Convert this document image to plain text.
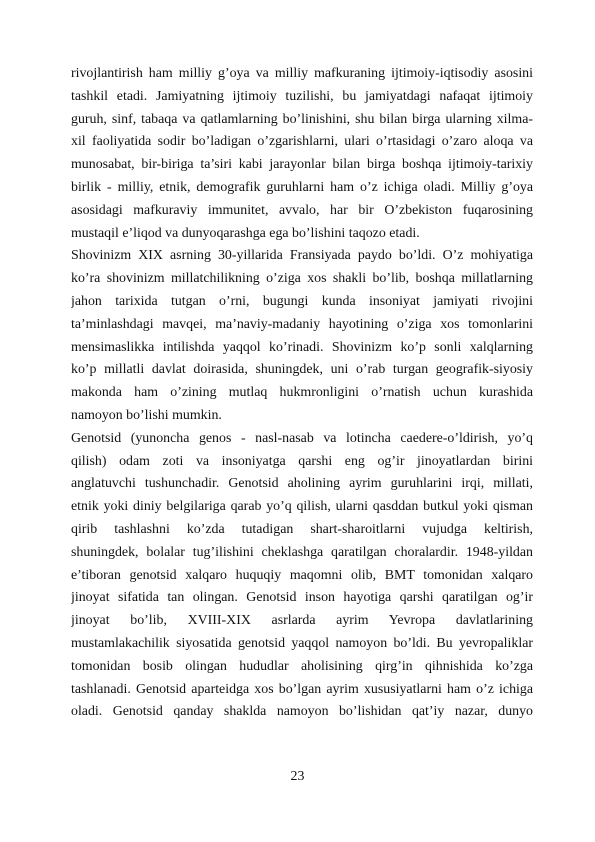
rivojlantirish ham milliy g’oya va milliy mafkuraning ijtimoiy-iqtisodiy asosini
tashkil etadi. Jamiyatning ijtimoiy tuzilishi, bu jamiyatdagi nafaqat ijtimoiy
guruh, sinf, tabaqa va qatlamlarning bo’linishini, shu bilan birga ularning xilma-
xil faoliyatida sodir bo’ladigan o’zgarishlarni, ulari o’rtasidagi o’zaro aloqa va
munosabat, bir-biriga ta’siri kabi jarayonlar bilan birga boshqa ijtimoiy-tarixiy
birlik - milliy, etnik, demografik guruhlarni ham o’z ichiga oladi. Milliy g’oya
asosidagi mafkuraviy immunitet, avvalo, har bir O’zbekiston fuqarosining
mustaqil e’liqod va dunyoqarashga ega bo’lishini taqozo etadi.
Shovinizm XIX asrning 30-yillarida Fransiyada paydo bo’ldi. O’z mohiyatiga
ko’ra shovinizm millatchilikning o’ziga xos shakli bo’lib, boshqa millatlarning
jahon tarixida tutgan o’rni, bugungi kunda insoniyat jamiyati rivojini
ta’minlashdagi mavqei, ma’naviy-madaniy hayotining o’ziga xos tomonlarini
mensimaslikka intilishda yaqqol ko’rinadi. Shovinizm ko’p sonli xalqlarning
ko’p millatli davlat doirasida, shuningdek, uni o’rab turgan geografik-siyosiy
makonda ham o’zining mutlaq hukmronligini o’rnatish uchun kurashida
namoyon bo’lishi mumkin.
Genotsid (yunoncha genos - nasl-nasab va lotincha caedere-o’ldirish, yo’q
qilish) odam zoti va insoniyatga qarshi eng og’ir jinoyatlardan birini
anglatuvchi tushunchadir. Genotsid aholining ayrim guruhlarini irqi, millati,
etnik yoki diniy belgilariga qarab yo’q qilish, ularni qasddan butkul yoki qisman
qirib tashlashni ko’zda tutadigan shart-sharoitlarni vujudga keltirish,
shuningdek, bolalar tug’ilishini cheklashga qaratilgan choralardir. 1948-yildan
e’tiboran genotsid xalqaro huquqiy maqomni olib, BMT tomonidan xalqaro
jinoyat sifatida tan olingan. Genotsid inson hayotiga qarshi qaratilgan og’ir
jinoyat bo’lib, XVIII-XIX asrlarda ayrim Yevropa davlatlarining
mustamlakachilik siyosatida genotsid yaqqol namoyon bo’ldi. Bu yevropaliklar
tomonidan bosib olingan hududlar aholisining qirg’in qihnishida ko’zga
tashlanadi. Genotsid aparteidga xos bo’lgan ayrim xususiyatlarni ham o’z ichiga
oladi. Genotsid qanday shaklda namoyon bo’lishidan qat’iy nazar, dunyo
23
